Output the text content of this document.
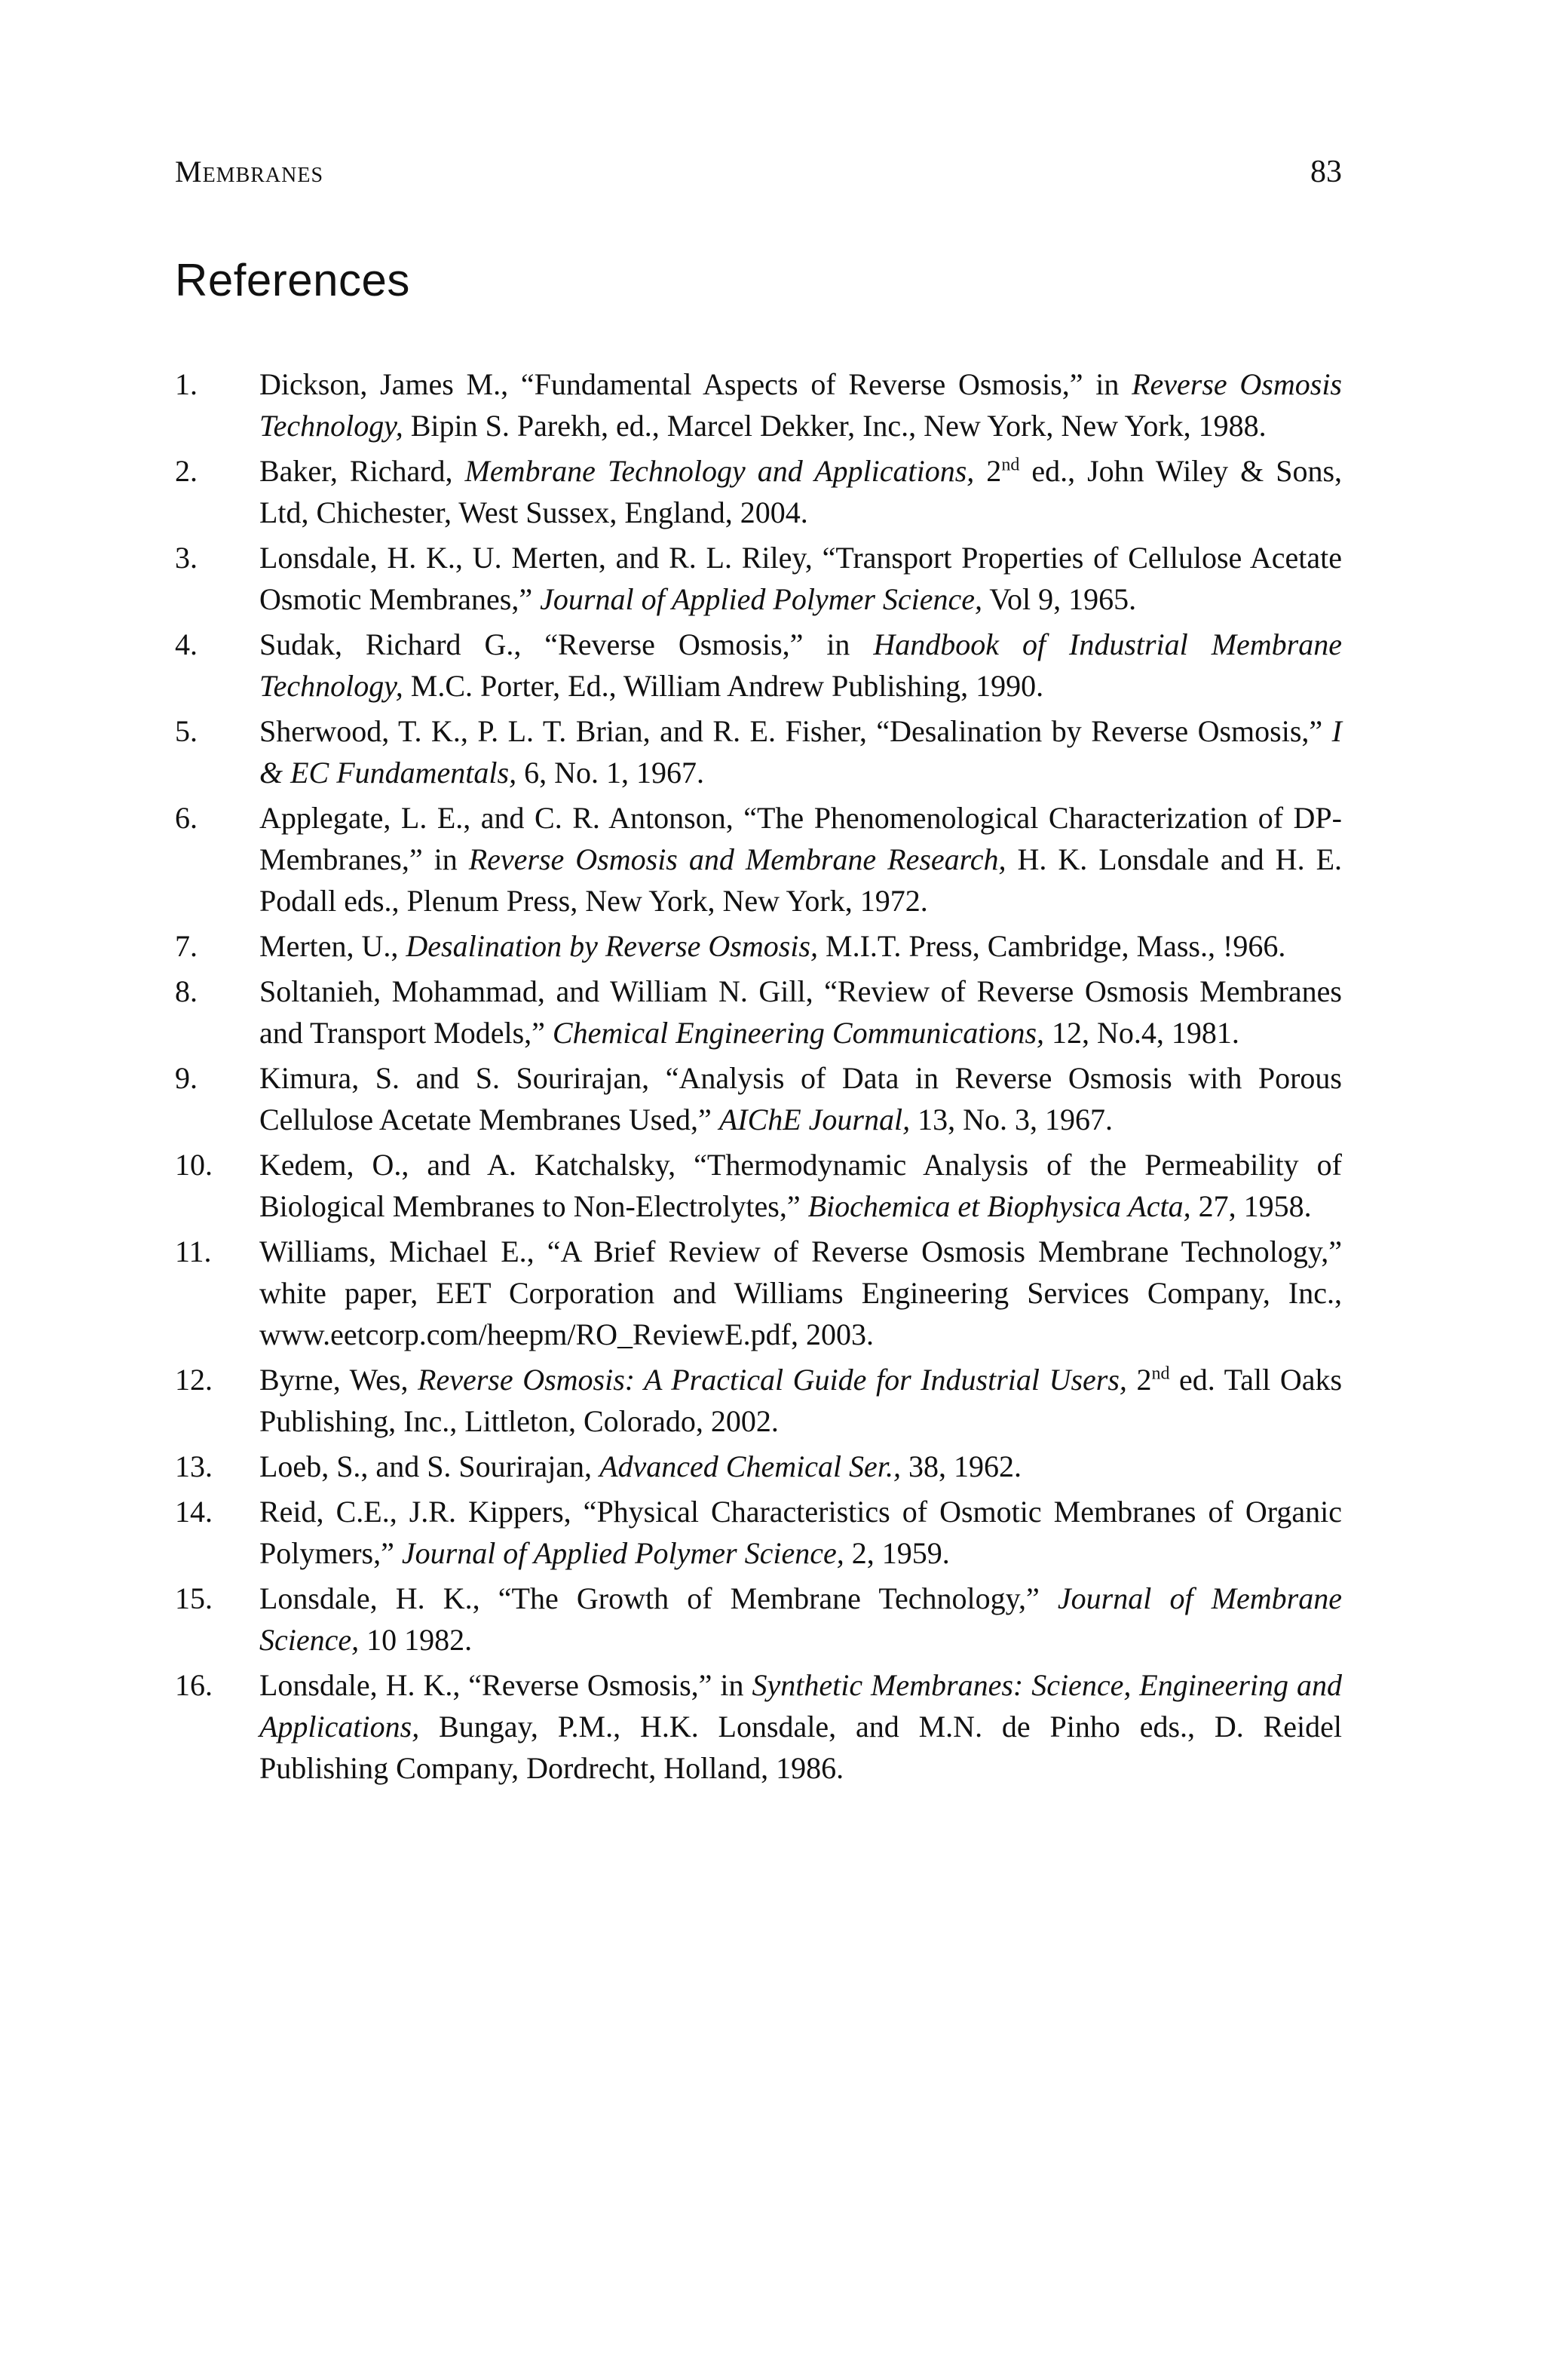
Membranes	83
References
1.	Dickson, James M., “Fundamental Aspects of Reverse Osmosis,” in Reverse Osmosis Technology, Bipin S. Parekh, ed., Marcel Dekker, Inc., New York, New York, 1988.
2.	Baker, Richard, Membrane Technology and Applications, 2nd ed., John Wiley & Sons, Ltd, Chichester, West Sussex, England, 2004.
3.	Lonsdale, H. K., U. Merten, and R. L. Riley, “Transport Properties of Cellulose Acetate Osmotic Membranes,” Journal of Applied Polymer Science, Vol 9, 1965.
4.	Sudak, Richard G., “Reverse Osmosis,” in Handbook of Industrial Membrane Technology, M.C. Porter, Ed., William Andrew Publishing, 1990.
5.	Sherwood, T. K., P. L. T. Brian, and R. E. Fisher, “Desalination by Reverse Osmosis,” I & EC Fundamentals, 6, No. 1, 1967.
6.	Applegate, L. E., and C. R. Antonson, “The Phenomenological Characterization of DP-Membranes,” in Reverse Osmosis and Membrane Research, H. K. Lonsdale and H. E. Podall eds., Plenum Press, New York, New York, 1972.
7.	Merten, U., Desalination by Reverse Osmosis, M.I.T. Press, Cambridge, Mass., !966.
8.	Soltanieh, Mohammad, and William N. Gill, “Review of Reverse Osmosis Membranes and Transport Models,” Chemical Engineering Communications, 12, No.4, 1981.
9.	Kimura, S. and S. Sourirajan, “Analysis of Data in Reverse Osmosis with Porous Cellulose Acetate Membranes Used,” AIChE Journal, 13, No. 3, 1967.
10.	Kedem, O., and A. Katchalsky, “Thermodynamic Analysis of the Permeability of Biological Membranes to Non-Electrolytes,” Biochemica et Biophysica Acta, 27, 1958.
11.	Williams, Michael E., “A Brief Review of Reverse Osmosis Membrane Technology,” white paper, EET Corporation and Williams Engineering Services Company, Inc., www.eetcorp.com/heepm/RO_ReviewE.pdf, 2003.
12.	Byrne, Wes, Reverse Osmosis: A Practical Guide for Industrial Users, 2nd ed. Tall Oaks Publishing, Inc., Littleton, Colorado, 2002.
13.	Loeb, S., and S. Sourirajan, Advanced Chemical Ser., 38, 1962.
14.	Reid, C.E., J.R. Kippers, “Physical Characteristics of Osmotic Membranes of Organic Polymers,” Journal of Applied Polymer Science, 2, 1959.
15.	Lonsdale, H. K., “The Growth of Membrane Technology,” Journal of Membrane Science, 10 1982.
16.	Lonsdale, H. K., “Reverse Osmosis,” in Synthetic Membranes: Science, Engineering and Applications, Bungay, P.M., H.K. Lonsdale, and M.N. de Pinho eds., D. Reidel Publishing Company, Dordrecht, Holland, 1986.
